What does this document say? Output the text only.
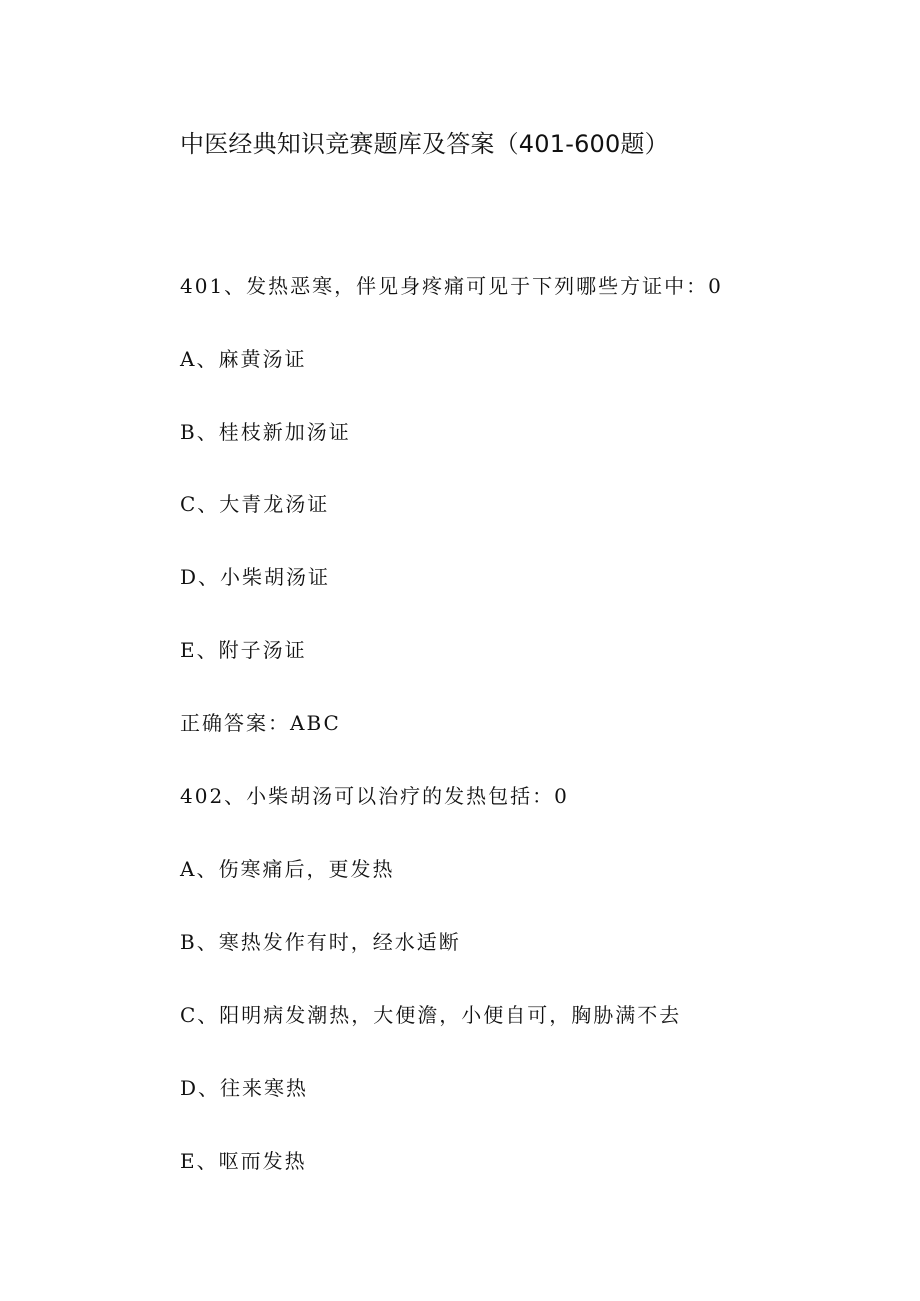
中医经典知识竞赛题库及答案（401-600题）
401、发热恶寒，伴见身疼痛可见于下列哪些方证中：0
A、麻黄汤证
B、桂枝新加汤证
C、大青龙汤证
D、小柴胡汤证
E、附子汤证
正确答案：ABC
402、小柴胡汤可以治疗的发热包括：0
A、伤寒痛后，更发热
B、寒热发作有时，经水适断
C、阳明病发潮热，大便澹，小便自可，胸胁满不去
D、往来寒热
E、呕而发热
